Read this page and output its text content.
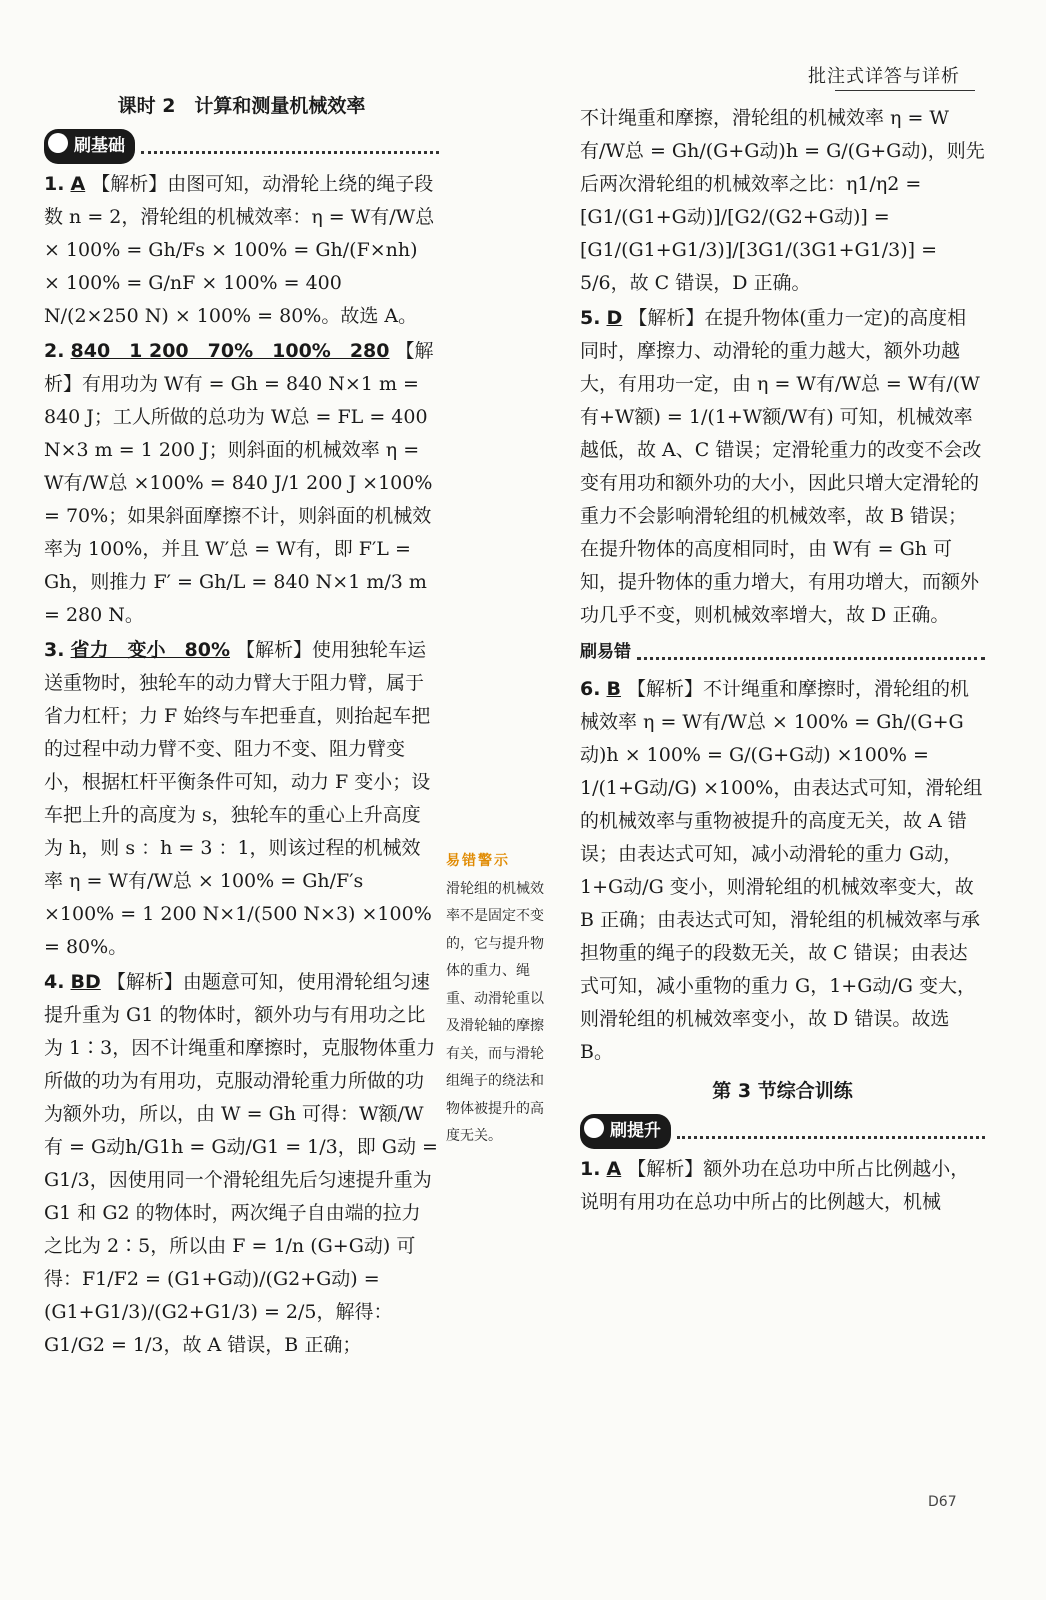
批注式详答与详析
课时 2　计算和测量机械效率
刷基础
1. A 【解析】由图可知，动滑轮上绕的绳子段数 n = 2，滑轮组的机械效率：η = W有/W总 × 100% = Gh/Fs × 100% = Gh/(F×nh) × 100% = G/nF × 100% = 400 N/(2×250 N) × 100% = 80%。故选 A。
2. 840　1 200　70%　100%　280 【解析】有用功为 W有 = Gh = 840 N×1 m = 840 J；工人所做的总功为 W总 = FL = 400 N×3 m = 1 200 J；则斜面的机械效率 η = W有/W总 ×100% = 840 J/1 200 J ×100% = 70%；如果斜面摩擦不计，则斜面的机械效率为 100%，并且 W′总 = W有，即 F′L = Gh，则推力 F′ = Gh/L = 840 N×1 m/3 m = 280 N。
3. 省力　变小　80% 【解析】使用独轮车运送重物时，独轮车的动力臂大于阻力臂，属于省力杠杆；力 F 始终与车把垂直，则抬起车把的过程中动力臂不变、阻力不变、阻力臂变小，根据杠杆平衡条件可知，动力 F 变小；设车把上升的高度为 s，独轮车的重心上升高度为 h，则 s ：h = 3 ：1，则该过程的机械效率 η = W有/W总 × 100% = Gh/F′s ×100% = 1 200 N×1/(500 N×3) ×100% = 80%。
4. BD 【解析】由题意可知，使用滑轮组匀速提升重为 G1 的物体时，额外功与有用功之比为 1∶3，因不计绳重和摩擦时，克服物体重力所做的功为有用功，克服动滑轮重力所做的功为额外功，所以，由 W = Gh 可得：W额/W有 = G动h/G1h = G动/G1 = 1/3，即 G动 = G1/3，因使用同一个滑轮组先后匀速提升重为 G1 和 G2 的物体时，两次绳子自由端的拉力之比为 2∶5，所以由 F = 1/n (G+G动) 可得：F1/F2 = (G1+G动)/(G2+G动) = (G1+G1/3)/(G2+G1/3) = 2/5，解得：G1/G2 = 1/3，故 A 错误，B 正确；
易错警示
滑轮组的机械效率不是固定不变的，它与提升物体的重力、绳重、动滑轮重以及滑轮轴的摩擦有关，而与滑轮组绳子的绕法和物体被提升的高度无关。
不计绳重和摩擦，滑轮组的机械效率 η = W有/W总 = Gh/(G+G动)h = G/(G+G动)，则先后两次滑轮组的机械效率之比：η1/η2 = [G1/(G1+G动)]/[G2/(G2+G动)] = [G1/(G1+G1/3)]/[3G1/(3G1+G1/3)] = 5/6，故 C 错误，D 正确。
5. D 【解析】在提升物体(重力一定)的高度相同时，摩擦力、动滑轮的重力越大，额外功越大，有用功一定，由 η = W有/W总 = W有/(W有+W额) = 1/(1+W额/W有) 可知，机械效率越低，故 A、C 错误；定滑轮重力的改变不会改变有用功和额外功的大小，因此只增大定滑轮的重力不会影响滑轮组的机械效率，故 B 错误；在提升物体的高度相同时，由 W有 = Gh 可知，提升物体的重力增大，有用功增大，而额外功几乎不变，则机械效率增大，故 D 正确。
刷易错
6. B 【解析】不计绳重和摩擦时，滑轮组的机械效率 η = W有/W总 × 100% = Gh/(G+G动)h × 100% = G/(G+G动) ×100% = 1/(1+G动/G) ×100%，由表达式可知，滑轮组的机械效率与重物被提升的高度无关，故 A 错误；由表达式可知，减小动滑轮的重力 G动，1+G动/G 变小，则滑轮组的机械效率变大，故 B 正确；由表达式可知，滑轮组的机械效率与承担物重的绳子的段数无关，故 C 错误；由表达式可知，减小重物的重力 G，1+G动/G 变大，则滑轮组的机械效率变小，故 D 错误。故选 B。
第 3 节综合训练
刷提升
1. A 【解析】额外功在总功中所占比例越小，说明有用功在总功中所占的比例越大，机械
D67
